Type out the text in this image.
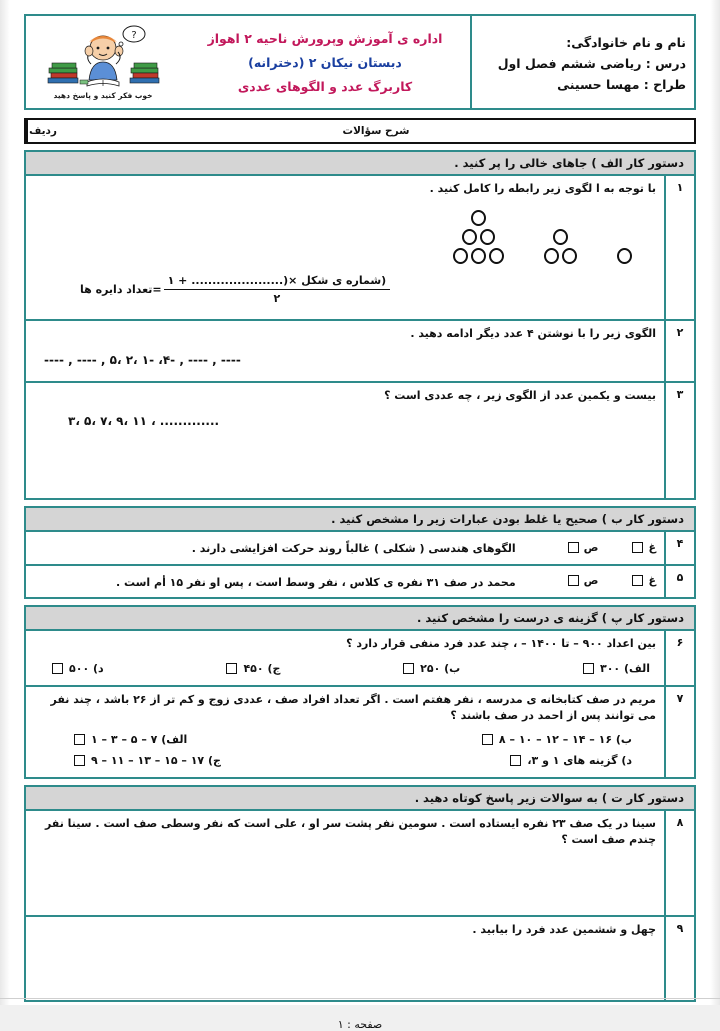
نام و نام خانوادگی:
درس : ریاضی ششم فصل اول
طراح : مهسا حسینی
اداره ی آموزش وپرورش ناحیه ۲ اهواز
دبستان نیکان ۲ (دخترانه)
کاربرگ عدد و الگوهای عددی
?
خوب فکر کنید و پاسخ دهید
شرح سؤالات
ردیف
دستور کار الف ) جاهای خالی را پر کنید .
۱
با توجه به ا لگوی زیر رابطه را کامل کنید .
=تعداد دایره ها $\frac{\text{(شماره ی شکل ×(...................... + ۱}}{۲}$
۲
الگوی زیر را با نوشتن ۴ عدد دیگر ادامه دهید .
---- , ---- , ۵، ۲، ۱- ،۴- , ---- , ----
۳
بیست و یکمین عدد از الگوی زیر ، چه عددی است ؟
۳، ۵، ۷، ۹، ۱۱ ، .............
دستور کار ب ) صحیح یا غلط بودن عبارات زیر را مشخص کنید .
۴
غ
ص
الگوهای هندسی ( شکلی ) غالباً روند حرکت افزایشی دارند .
۵
غ
ص
محمد در صف ۳۱ نفره ی کلاس ، نفر وسط است ، پس او نفر ۱۵ أم است .
دستور کار پ ) گزینه ی درست را مشخص کنید .
۶
بین اعداد ۹۰۰ – تا ۱۴۰۰ – ، چند عدد فرد منفی قرار دارد ؟
الف) ۳۰۰
ب) ۲۵۰
ج) ۴۵۰
د) ۵۰۰
۷
مریم در صف کتابخانه ی مدرسه ، نفر هفتم است . اگر تعداد افراد صف ، عددی زوج و کم تر از ۲۶ باشد ، چند نفر می توانند پس از احمد در صف باشند ؟
ب) ۱۶ – ۱۴ – ۱۲ – ۱۰ – ۸
الف) ۷ – ۵ – ۳ – ۱
د) گزینه های ۱ و ۳،
ج) ۱۷ – ۱۵ – ۱۳ – ۱۱ – ۹
دستور کار ت ) به سوالات زیر پاسخ کوتاه دهید .
۸
سینا در یک صف ۲۳ نفره ایستاده است . سومین نفر پشت سر او ، علی است که نفر وسطی صف است . سینا نفر چندم صف است ؟
۹
چهل و ششمین عدد فرد را بیابید .
صفحه : ۱
